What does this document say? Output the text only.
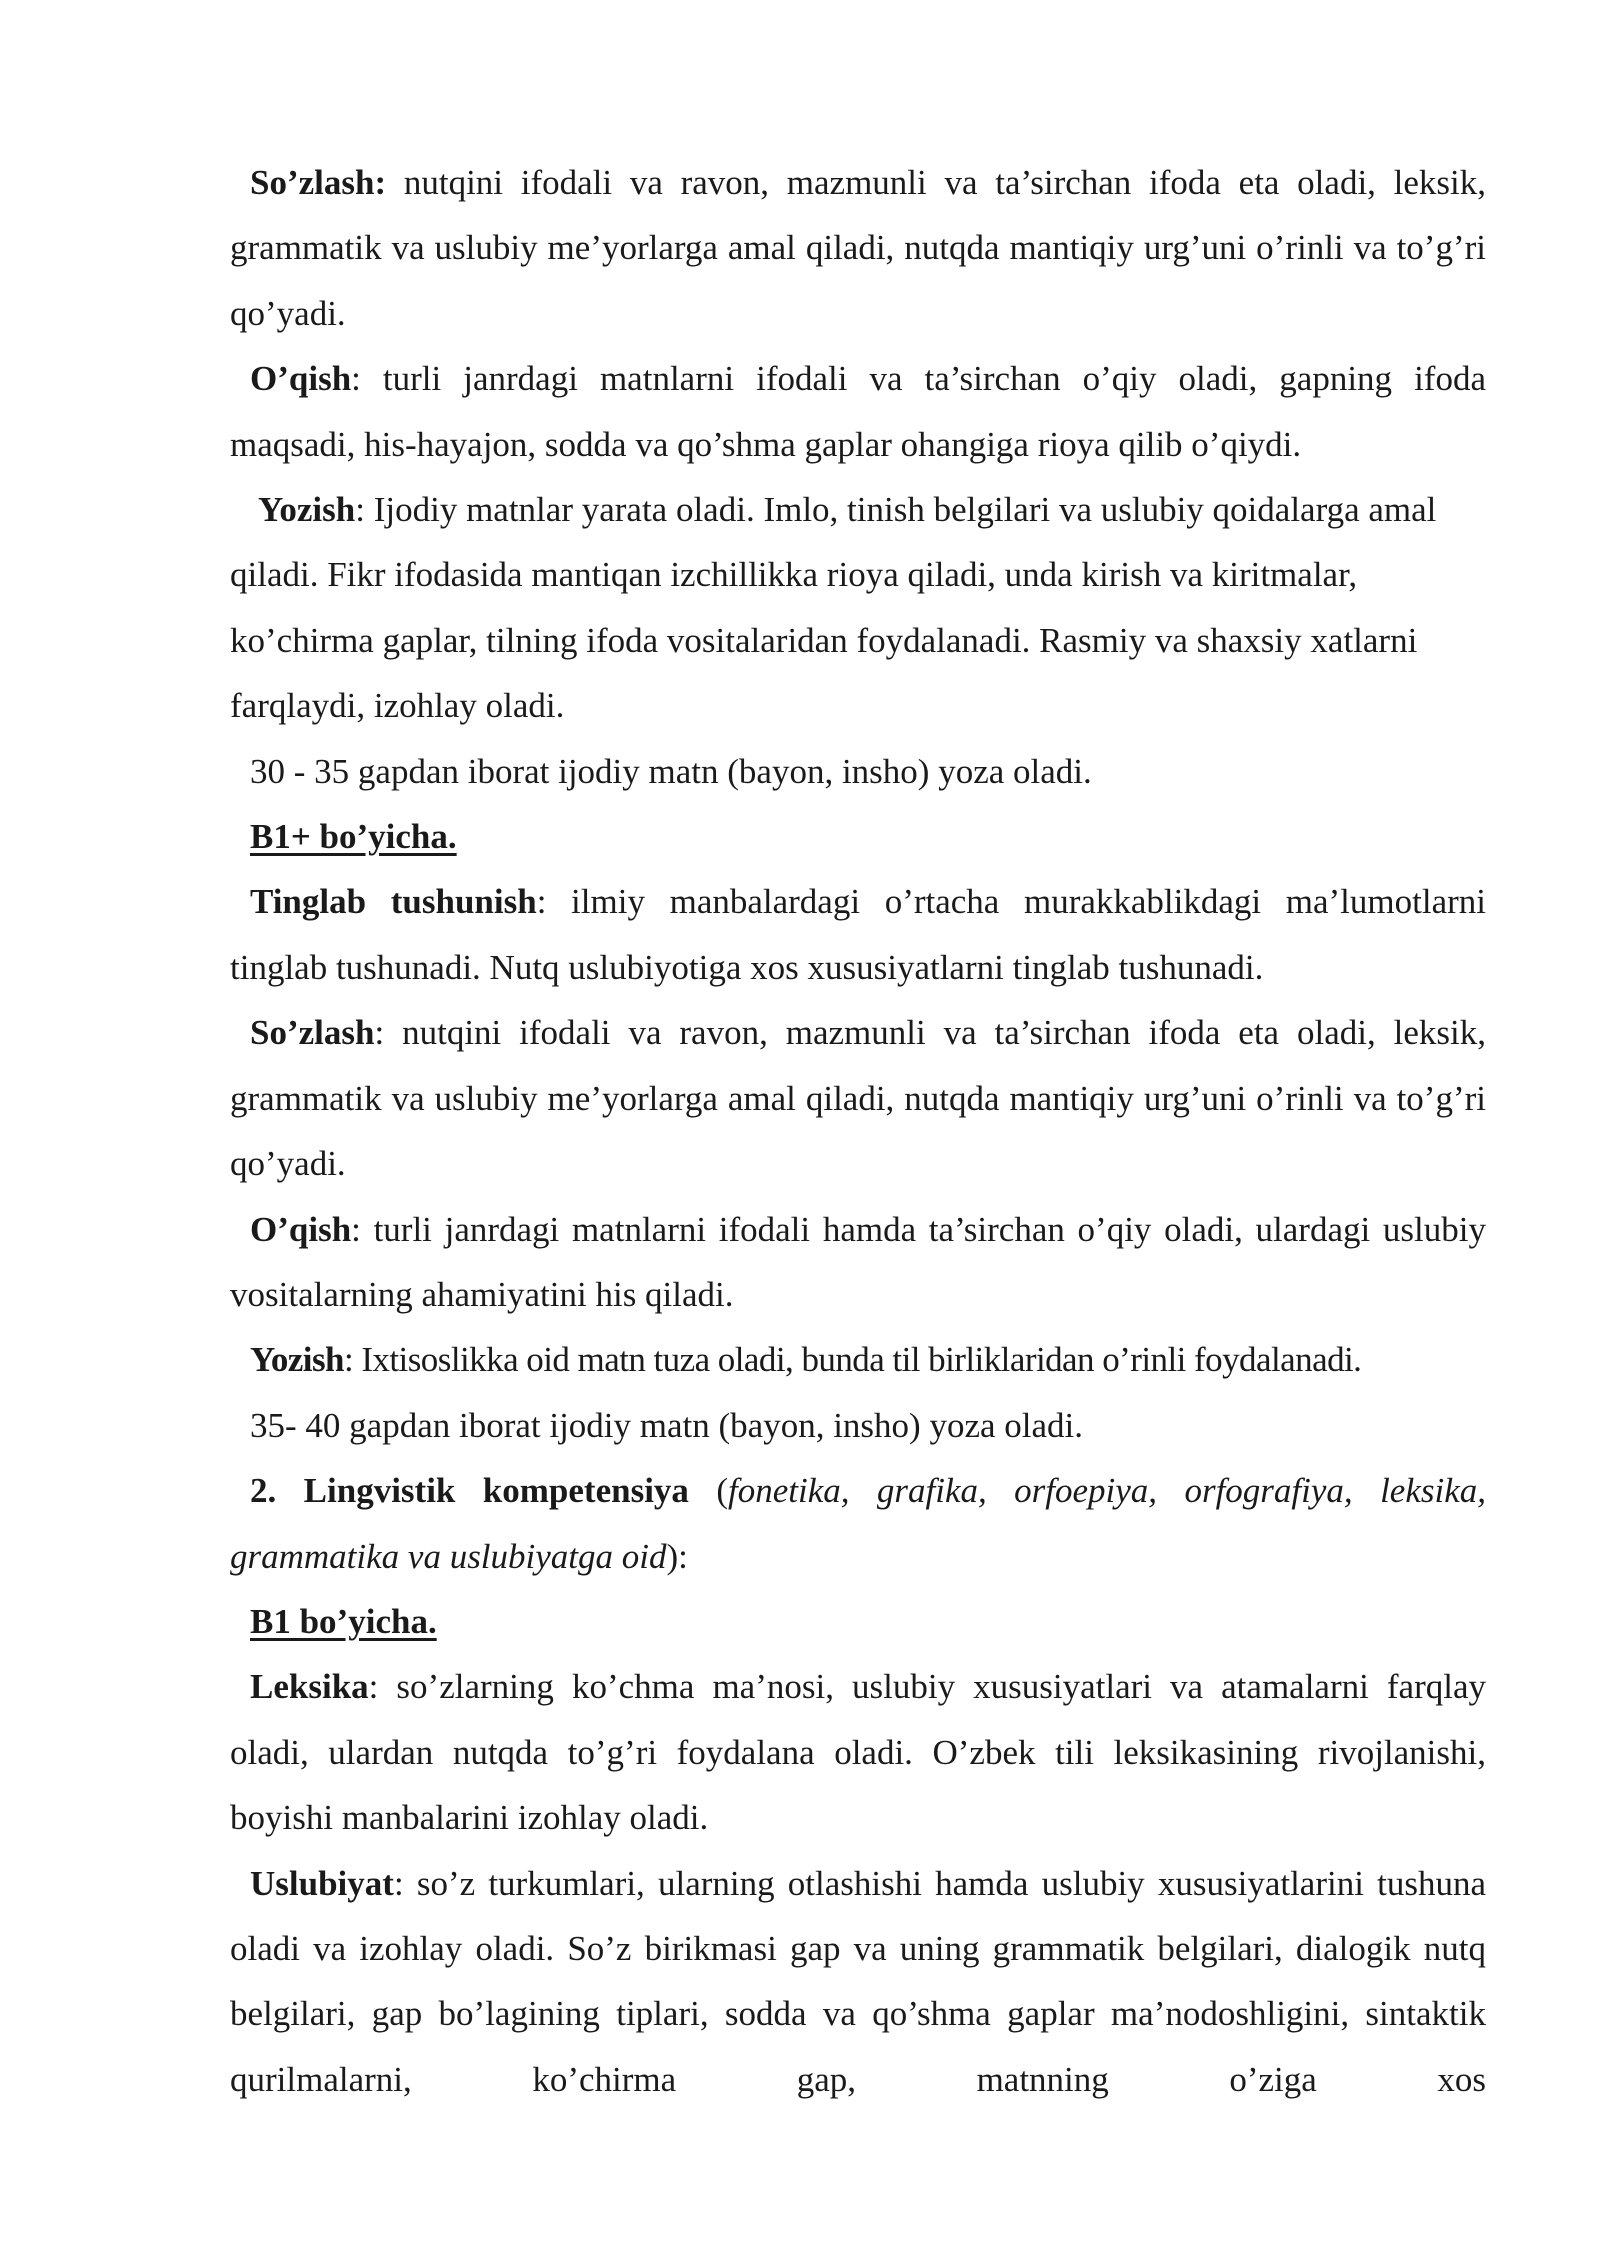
So’zlash: nutqini ifodali va ravon, mazmunli va ta’sirchan ifoda eta oladi, leksik, grammatik va uslubiy me’yorlarga amal qiladi, nutqda mantiqiy urg’uni o’rinli va to’g’ri qo’yadi.

O’qish: turli janrdagi matnlarni ifodali va ta’sirchan o’qiy oladi, gapning ifoda maqsadi, his-hayajon, sodda va qo’shma gaplar ohangiga rioya qilib o’qiydi.

Yozish: Ijodiy matnlar yarata oladi. Imlo, tinish belgilari va uslubiy qoidalarga amal qiladi. Fikr ifodasida mantiqan izchillikka rioya qiladi, unda kirish va kiritmalar, ko’chirma gaplar, tilning ifoda vositalaridan foydalanadi. Rasmiy va shaxsiy xatlarni farqlaydi, izohlay oladi.

30 - 35 gapdan iborat ijodiy matn (bayon, insho) yoza oladi.

B1+ bo’yicha.

Tinglab tushunish: ilmiy manbalardagi o’rtacha murakkablikdagi ma’lumotlarni tinglab tushunadi. Nutq uslubiyotiga xos xususiyatlarni tinglab tushunadi.

So’zlash: nutqini ifodali va ravon, mazmunli va ta’sirchan ifoda eta oladi, leksik, grammatik va uslubiy me’yorlarga amal qiladi, nutqda mantiqiy urg’uni o’rinli va to’g’ri qo’yadi.

O’qish: turli janrdagi matnlarni ifodali hamda ta’sirchan o’qiy oladi, ulardagi uslubiy vositalarning ahamiyatini his qiladi.

Yozish: Ixtisoslikka oid matn tuza oladi, bunda til birliklaridan o’rinli foydalanadi.

35- 40 gapdan iborat ijodiy matn (bayon, insho) yoza oladi.

2. Lingvistik kompetensiya (fonetika, grafika, orfoepiya, orfografiya, leksika, grammatika va uslubiyatga oid):

B1 bo’yicha.

Leksika: so’zlarning ko’chma ma’nosi, uslubiy xususiyatlari va atamalarni farqlay oladi, ulardan nutqda to’g’ri foydalana oladi. O’zbek tili leksikasining rivojlanishi, boyishi manbalarini izohlay oladi.

Uslubiyat: so’z turkumlari, ularning otlashishi hamda uslubiy xususiyatlarini tushuna oladi va izohlay oladi. So’z birikmasi gap va uning grammatik belgilari, dialogik nutq belgilari, gap bo’lagining tiplari, sodda va qo’shma gaplar ma’nodoshligini, sintaktik qurilmalarni, ko’chirma gap, matnning o’ziga xos
